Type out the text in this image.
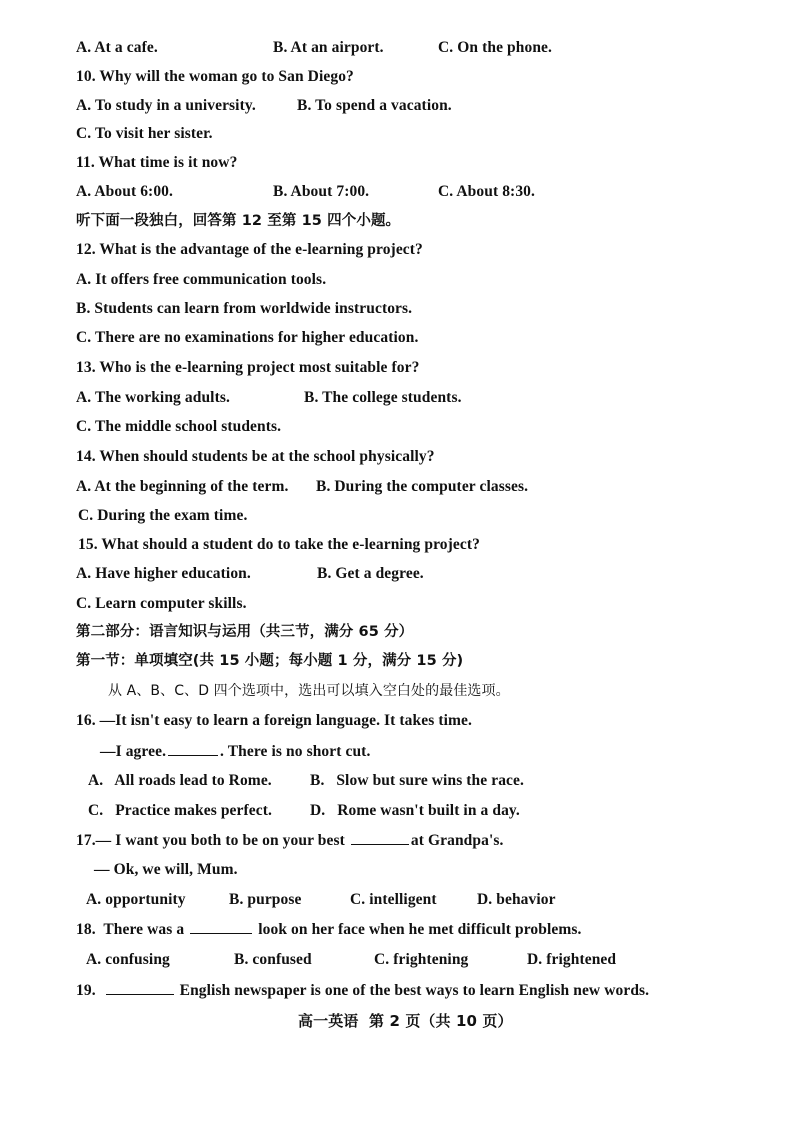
A. At a cafe.	B. At an airport.	C. On the phone.
10. Why will the woman go to San Diego?
A. To study in a university.	B. To spend a vacation.
C. To visit her sister.
11. What time is it now?
A. About 6:00.	B. About 7:00.	C. About 8:30.
听下面一段独白，回答第 12 至第 15 四个小题。
12. What is the advantage of the e-learning project?
A. It offers free communication tools.
B. Students can learn from worldwide instructors.
C. There are no examinations for higher education.
13. Who is the e-learning project most suitable for?
A. The working adults.	B. The college students.
C. The middle school students.
14. When should students be at the school physically?
A. At the beginning of the term. B. During the computer classes.
C. During the exam time.
15. What should a student do to take the e-learning project?
A. Have higher education.	B. Get a degree.
C. Learn computer skills.
第二部分：语言知识与运用（共三节，满分 65 分）
第一节：单项填空(共 15 小题；每小题 1 分，满分 15 分)
从 A、B、C、D 四个选项中，选出可以填入空白处的最佳选项。
16. —It isn't easy to learn a foreign language. It takes time.
—I agree.	. There is no short cut.
A.   All roads lead to Rome. B.   Slow but sure wins the race.
C.   Practice makes perfect. D.   Rome wasn't built in a day.
17.— I want you both to be on your best	at Grandpa's.
— Ok, we will, Mum.
A. opportunity	B. purpose	C. intelligent	D. behavior
18.  There was a	look on her face when he met difficult problems.
A. confusing	B. confused	C. frightening	D. frightened
19.	English newspaper is one of the best ways to learn English new words.
高一英语  第 2 页（共 10 页）
